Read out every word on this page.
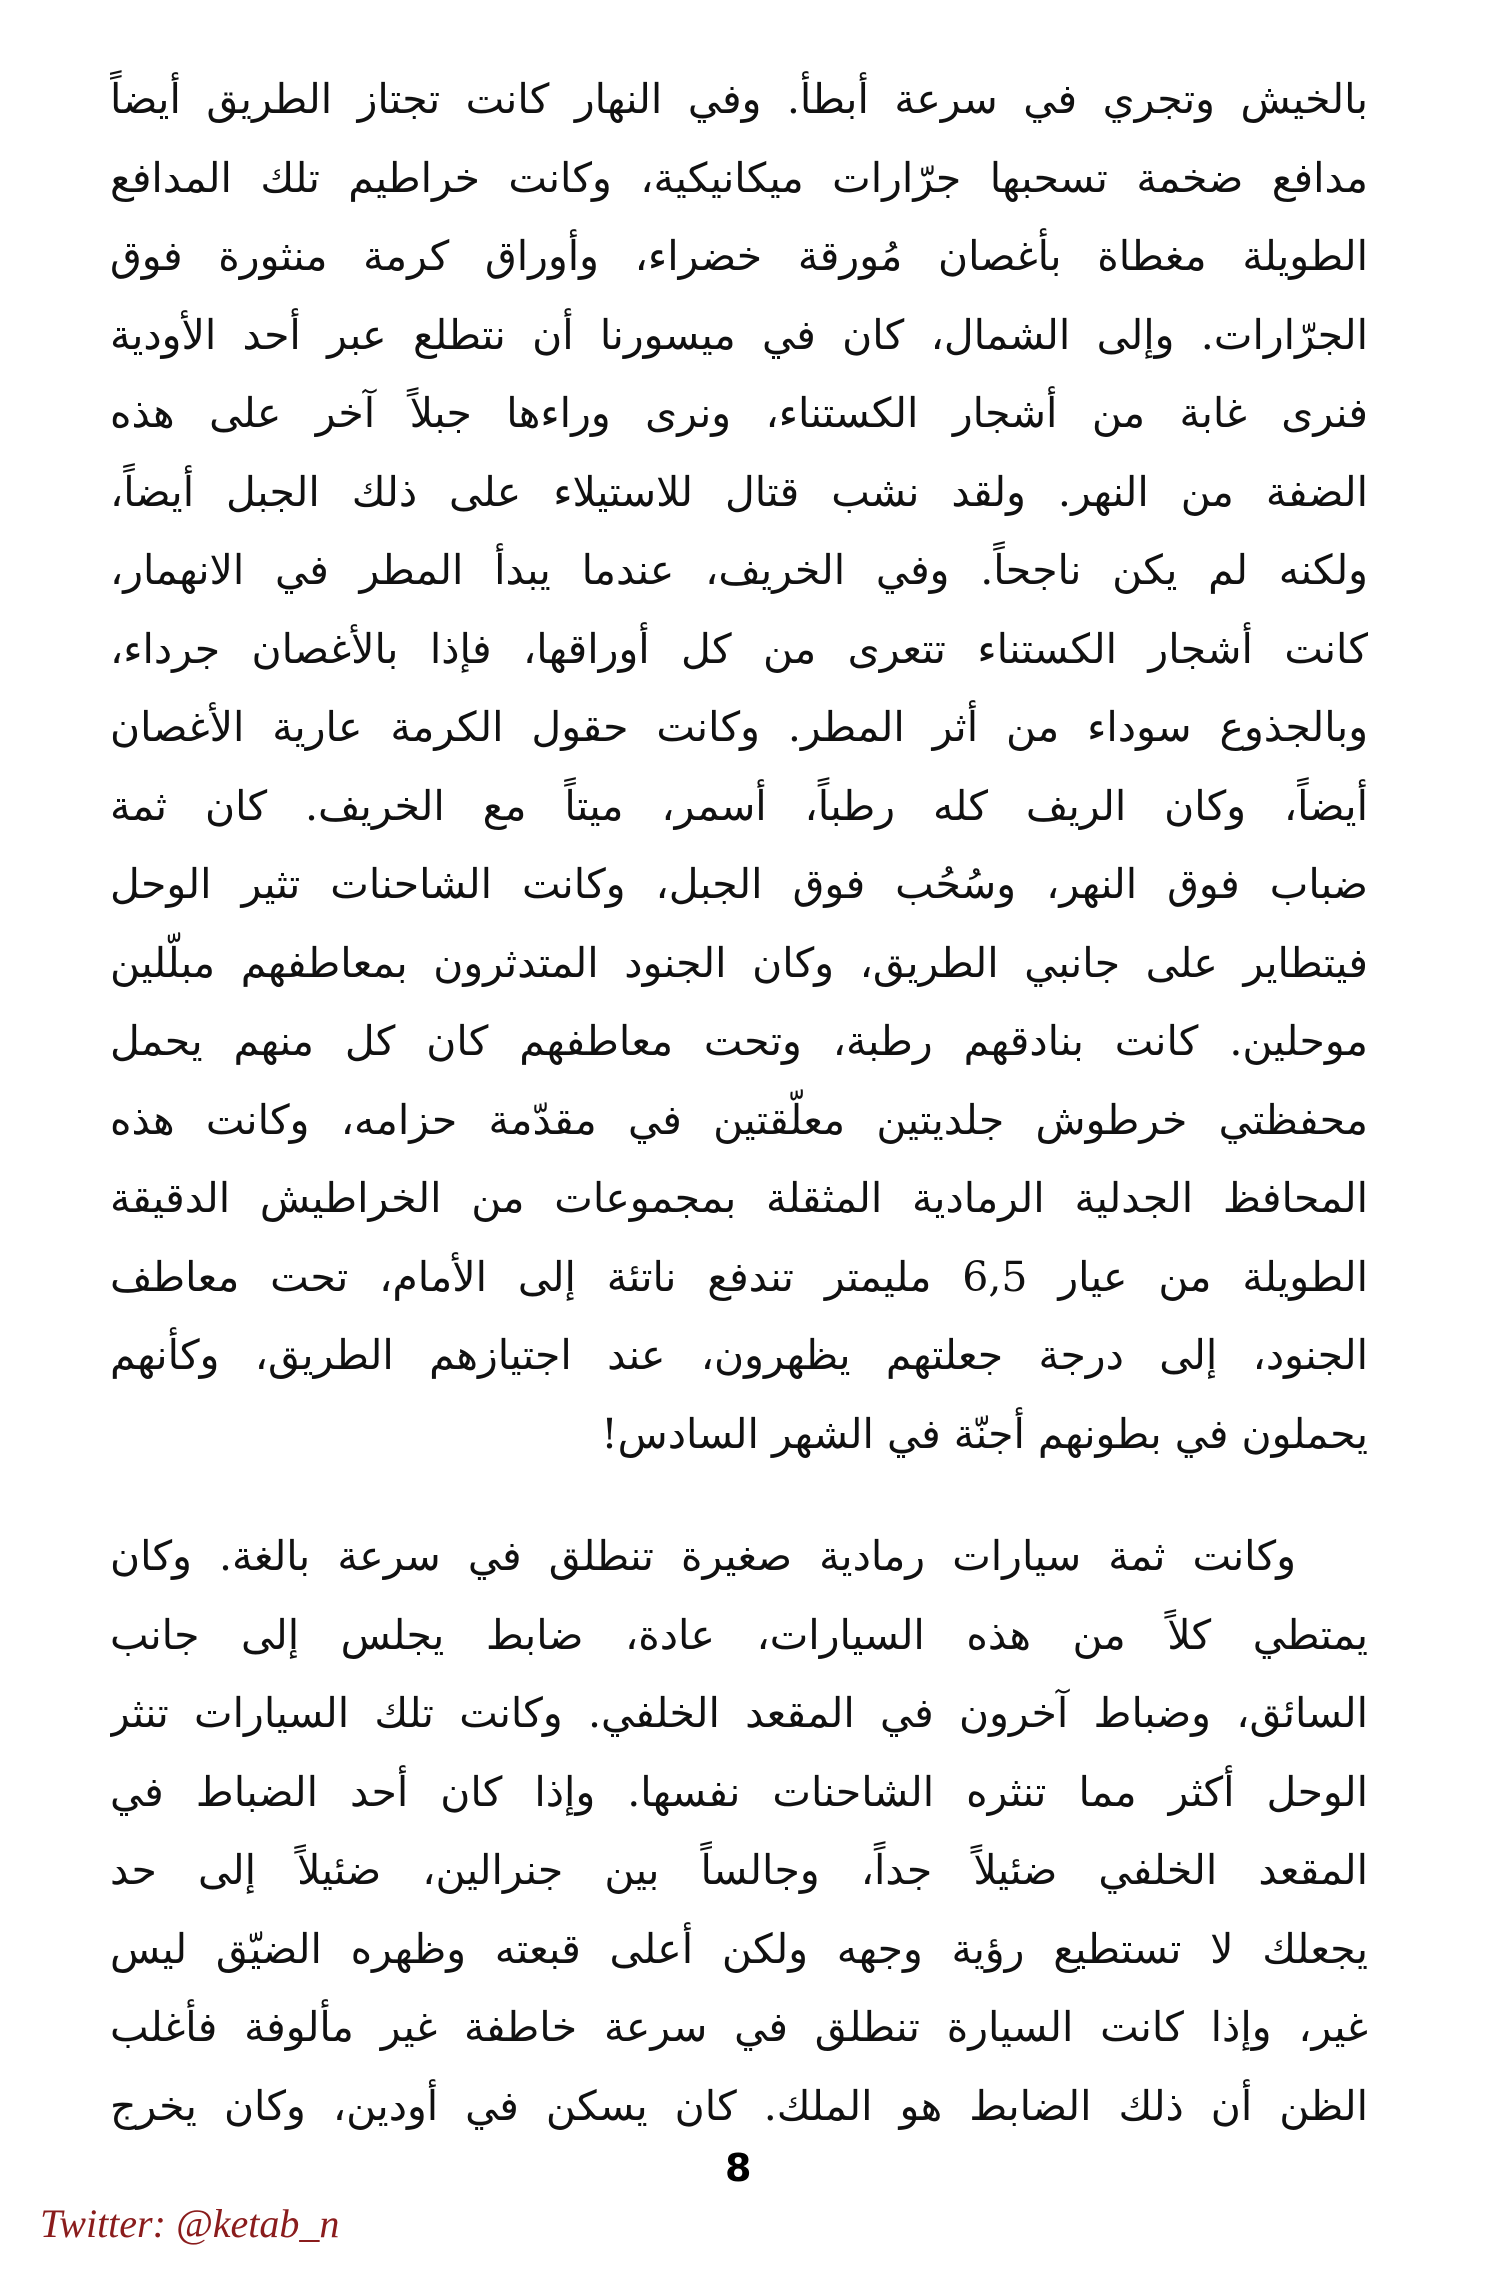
بالخيش وتجري في سرعة أبطأ. وفي النهار كانت تجتاز الطريق أيضاً
مدافع ضخمة تسحبها جرّارات ميكانيكية، وكانت خراطيم تلك المدافع
الطويلة مغطاة بأغصان مُورقة خضراء، وأوراق كرمة منثورة فوق
الجرّارات. وإلى الشمال، كان في ميسورنا أن نتطلع عبر أحد الأودية
فنرى غابة من أشجار الكستناء، ونرى وراءها جبلاً آخر على هذه
الضفة من النهر. ولقد نشب قتال للاستيلاء على ذلك الجبل أيضاً،
ولكنه لم يكن ناجحاً. وفي الخريف، عندما يبدأ المطر في الانهمار،
كانت أشجار الكستناء تتعرى من كل أوراقها، فإذا بالأغصان جرداء،
وبالجذوع سوداء من أثر المطر. وكانت حقول الكرمة عارية الأغصان
أيضاً، وكان الريف كله رطباً، أسمر، ميتاً مع الخريف. كان ثمة
ضباب فوق النهر، وسُحُب فوق الجبل، وكانت الشاحنات تثير الوحل
فيتطاير على جانبي الطريق، وكان الجنود المتدثرون بمعاطفهم مبلّلين
موحلين. كانت بنادقهم رطبة، وتحت معاطفهم كان كل منهم يحمل
محفظتي خرطوش جلديتين معلّقتين في مقدّمة حزامه، وكانت هذه
المحافظ الجدلية الرمادية المثقلة بمجموعات من الخراطيش الدقيقة
الطويلة من عيار 6,5 مليمتر تندفع ناتئة إلى الأمام، تحت معاطف
الجنود، إلى درجة جعلتهم يظهرون، عند اجتيازهم الطريق، وكأنهم
يحملون في بطونهم أجنّة في الشهر السادس!
وكانت ثمة سيارات رمادية صغيرة تنطلق في سرعة بالغة. وكان
يمتطي كلاً من هذه السيارات، عادة، ضابط يجلس إلى جانب
السائق، وضباط آخرون في المقعد الخلفي. وكانت تلك السيارات تنثر
الوحل أكثر مما تنثره الشاحنات نفسها. وإذا كان أحد الضباط في
المقعد الخلفي ضئيلاً جداً، وجالساً بين جنرالين، ضئيلاً إلى حد
يجعلك لا تستطيع رؤية وجهه ولكن أعلى قبعته وظهره الضيّق ليس
غير، وإذا كانت السيارة تنطلق في سرعة خاطفة غير مألوفة فأغلب
الظن أن ذلك الضابط هو الملك. كان يسكن في أودين، وكان يخرج
8
Twitter: @ketab_n
